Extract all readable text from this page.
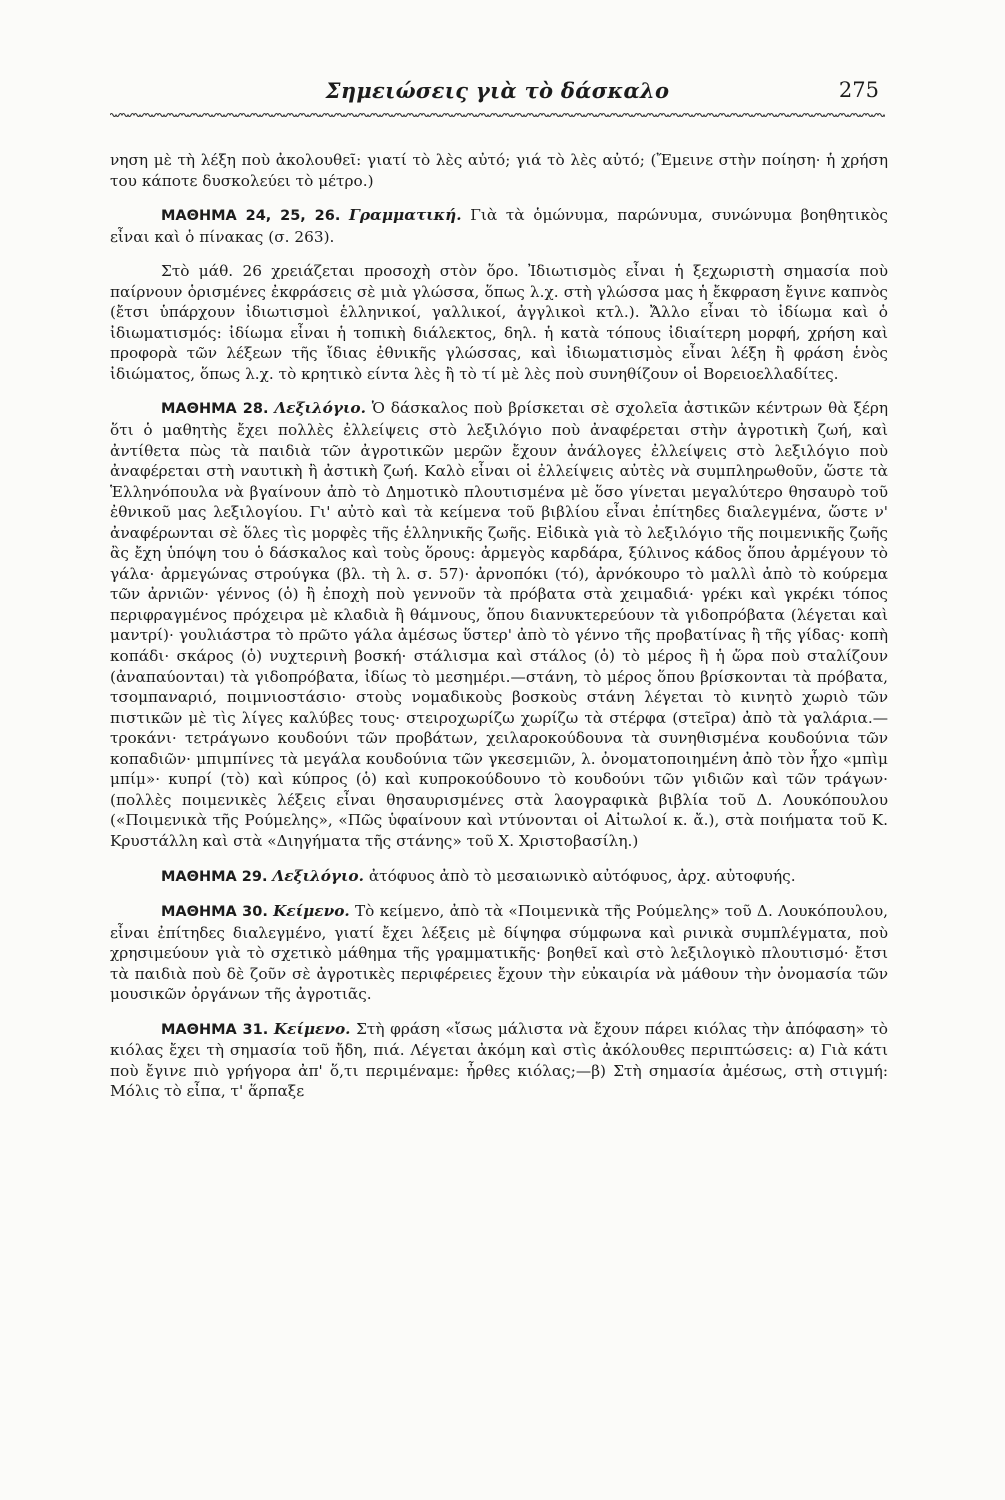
Σημειώσεις γιὰ τὸ δάσκαλο	275

νηση μὲ τὴ λέξη ποὺ ἀκολουθεῖ: γιατί τὸ λὲς αὐτό; γιά τὸ λὲς αὐτό; (Ἔμεινε στὴν ποίηση· ἡ χρήση του κάποτε δυσκολεύει τὸ μέτρο.)

ΜΑΘΗΜΑ 24, 25, 26. Γραμματική. Γιὰ τὰ ὁμώνυμα, παρώνυμα, συνώνυμα βοηθητικὸς εἶναι καὶ ὁ πίνακας (σ. 263).

Στὸ μάθ. 26 χρειάζεται προσοχὴ στὸν ὅρο. Ἰδιωτισμὸς εἶναι ἡ ξεχωριστὴ σημασία ποὺ παίρνουν ὁρισμένες ἐκφράσεις σὲ μιὰ γλώσσα, ὅπως λ.χ. στὴ γλώσσα μας ἡ ἔκφραση ἔγινε καπνὸς (ἔτσι ὑπάρχουν ἰδιωτισμοὶ ἑλληνικοί, γαλλικοί, ἀγγλικοὶ κτλ.). Ἄλλο εἶναι τὸ ἰδίωμα καὶ ὁ ἰδιωματισμός: ἰδίωμα εἶναι ἡ τοπικὴ διάλεκτος, δηλ. ἡ κατὰ τόπους ἰδιαίτερη μορφή, χρήση καὶ προφορὰ τῶν λέξεων τῆς ἴδιας ἐθνικῆς γλώσσας, καὶ ἰδιωματισμὸς εἶναι λέξη ἢ φράση ἑνὸς ἰδιώματος, ὅπως λ.χ. τὸ κρητικὸ είντα λὲς ἢ τὸ τί μὲ λὲς ποὺ συνηθίζουν οἱ Βορειοελλαδίτες.

ΜΑΘΗΜΑ 28. Λεξιλόγιο. Ὁ δάσκαλος ποὺ βρίσκεται σὲ σχολεῖα ἀστικῶν κέντρων θὰ ξέρη ὅτι ὁ μαθητὴς ἔχει πολλὲς ἐλλείψεις στὸ λεξιλόγιο ποὺ ἀναφέρεται στὴν ἀγροτικὴ ζωή, καὶ ἀντίθετα πὼς τὰ παιδιὰ τῶν ἀγροτικῶν μερῶν ἔχουν ἀνάλογες ἐλλείψεις στὸ λεξιλόγιο ποὺ ἀναφέρεται στὴ ναυτικὴ ἢ ἀστικὴ ζωή. Καλὸ εἶναι οἱ ἐλλείψεις αὐτὲς νὰ συμπληρωθοῦν, ὥστε τὰ Ἑλληνόπουλα νὰ βγαίνουν ἀπὸ τὸ Δημοτικὸ πλουτισμένα μὲ ὅσο γίνεται μεγαλύτερο θησαυρὸ τοῦ ἐθνικοῦ μας λεξιλογίου. Γι' αὐτὸ καὶ τὰ κείμενα τοῦ βιβλίου εἶναι ἐπίτηδες διαλεγμένα, ὥστε ν' ἀναφέρωνται σὲ ὅλες τὶς μορφὲς τῆς ἑλληνικῆς ζωῆς. Εἰδικὰ γιὰ τὸ λεξιλόγιο τῆς ποιμενικῆς ζωῆς ἂς ἔχη ὑπόψη του ὁ δάσκαλος καὶ τοὺς ὅρους: ἀρμεγὸς καρδάρα, ξύλινος κάδος ὅπου ἀρμέγουν τὸ γάλα· ἀρμεγώνας στρούγκα (βλ. τὴ λ. σ. 57)· ἀρνοπόκι (τό), ἀρνόκουρο τὸ μαλλὶ ἀπὸ τὸ κούρεμα τῶν ἀρνιῶν· γέννος (ὁ) ἢ ἐποχὴ ποὺ γεννοῦν τὰ πρόβατα στὰ χειμαδιά· γρέκι καὶ γκρέκι τόπος περιφραγμένος πρόχειρα μὲ κλαδιὰ ἢ θάμνους, ὅπου διανυκτερεύουν τὰ γιδοπρόβατα (λέγεται καὶ μαντρί)· γουλιάστρα τὸ πρῶτο γάλα ἀμέσως ὕστερ' ἀπὸ τὸ γέννο τῆς προβατίνας ἢ τῆς γίδας· κοπὴ κοπάδι· σκάρος (ὁ) νυχτερινὴ βοσκή· στάλισμα καὶ στάλος (ὁ) τὸ μέρος ἢ ἡ ὥρα ποὺ σταλίζουν (ἀναπαύονται) τὰ γιδοπρόβατα, ἰδίως τὸ μεσημέρι.—στάνη, τὸ μέρος ὅπου βρίσκονται τὰ πρόβατα, τσομπαναριό, ποιμνιοστάσιο· στοὺς νομαδικοὺς βοσκοὺς στάνη λέγεται τὸ κινητὸ χωριὸ τῶν πιστικῶν μὲ τὶς λίγες καλύβες τους· στειροχωρίζω χωρίζω τὰ στέρφα (στεῖρα) ἀπὸ τὰ γαλάρια.—τροκάνι· τετράγωνο κουδούνι τῶν προβάτων, χειλαροκούδουνα τὰ συνηθισμένα κουδούνια τῶν κοπαδιῶν· μπιμπίνες τὰ μεγάλα κουδούνια τῶν γκεσεμιῶν, λ. ὀνοματοποιημένη ἀπὸ τὸν ἦχο «μπὶμ μπίμ»· κυπρί (τὸ) καὶ κύπρος (ὁ) καὶ κυπροκούδουνο τὸ κουδούνι τῶν γιδιῶν καὶ τῶν τράγων· (πολλὲς ποιμενικὲς λέξεις εἶναι θησαυρισμένες στὰ λαογραφικὰ βιβλία τοῦ Δ. Λουκόπουλου («Ποιμενικὰ τῆς Ρούμελης», «Πῶς ὑφαίνουν καὶ ντύνονται οἱ Αἰτωλοί κ. ἄ.), στὰ ποιήματα τοῦ Κ. Κρυστάλλη καὶ στὰ «Διηγήματα τῆς στάνης» τοῦ Χ. Χριστοβασίλη.)

ΜΑΘΗΜΑ 29. Λεξιλόγιο. ἀτόφυος ἀπὸ τὸ μεσαιωνικὸ αὐτόφυος, ἀρχ. αὐτοφυής.

ΜΑΘΗΜΑ 30. Κείμενο. Τὸ κείμενο, ἀπὸ τὰ «Ποιμενικὰ τῆς Ρούμελης» τοῦ Δ. Λουκόπουλου, εἶναι ἐπίτηδες διαλεγμένο, γιατί ἔχει λέξεις μὲ δίψηφα σύμφωνα καὶ ρινικὰ συμπλέγματα, ποὺ χρησιμεύουν γιὰ τὸ σχετικὸ μάθημα τῆς γραμματικῆς· βοηθεῖ καὶ στὸ λεξιλογικὸ πλουτισμό· ἔτσι τὰ παιδιὰ ποὺ δὲ ζοῦν σὲ ἀγροτικὲς περιφέρειες ἔχουν τὴν εὐκαιρία νὰ μάθουν τὴν ὀνομασία τῶν μουσικῶν ὀργάνων τῆς ἀγροτιᾶς.

ΜΑΘΗΜΑ 31. Κείμενο. Στὴ φράση «ἴσως μάλιστα νὰ ἔχουν πάρει κιόλας τὴν ἀπόφαση» τὸ κιόλας ἔχει τὴ σημασία τοῦ ἤδη, πιά. Λέγεται ἀκόμη καὶ στὶς ἀκόλουθες περιπτώσεις: α) Γιὰ κάτι ποὺ ἔγινε πιὸ γρήγορα ἀπ' ὅ,τι περιμέναμε: ἦρθες κιόλας;—β) Στὴ σημασία ἀμέσως, στὴ στιγμή: Μόλις τὸ εἶπα, τ' ἅρπαξε
